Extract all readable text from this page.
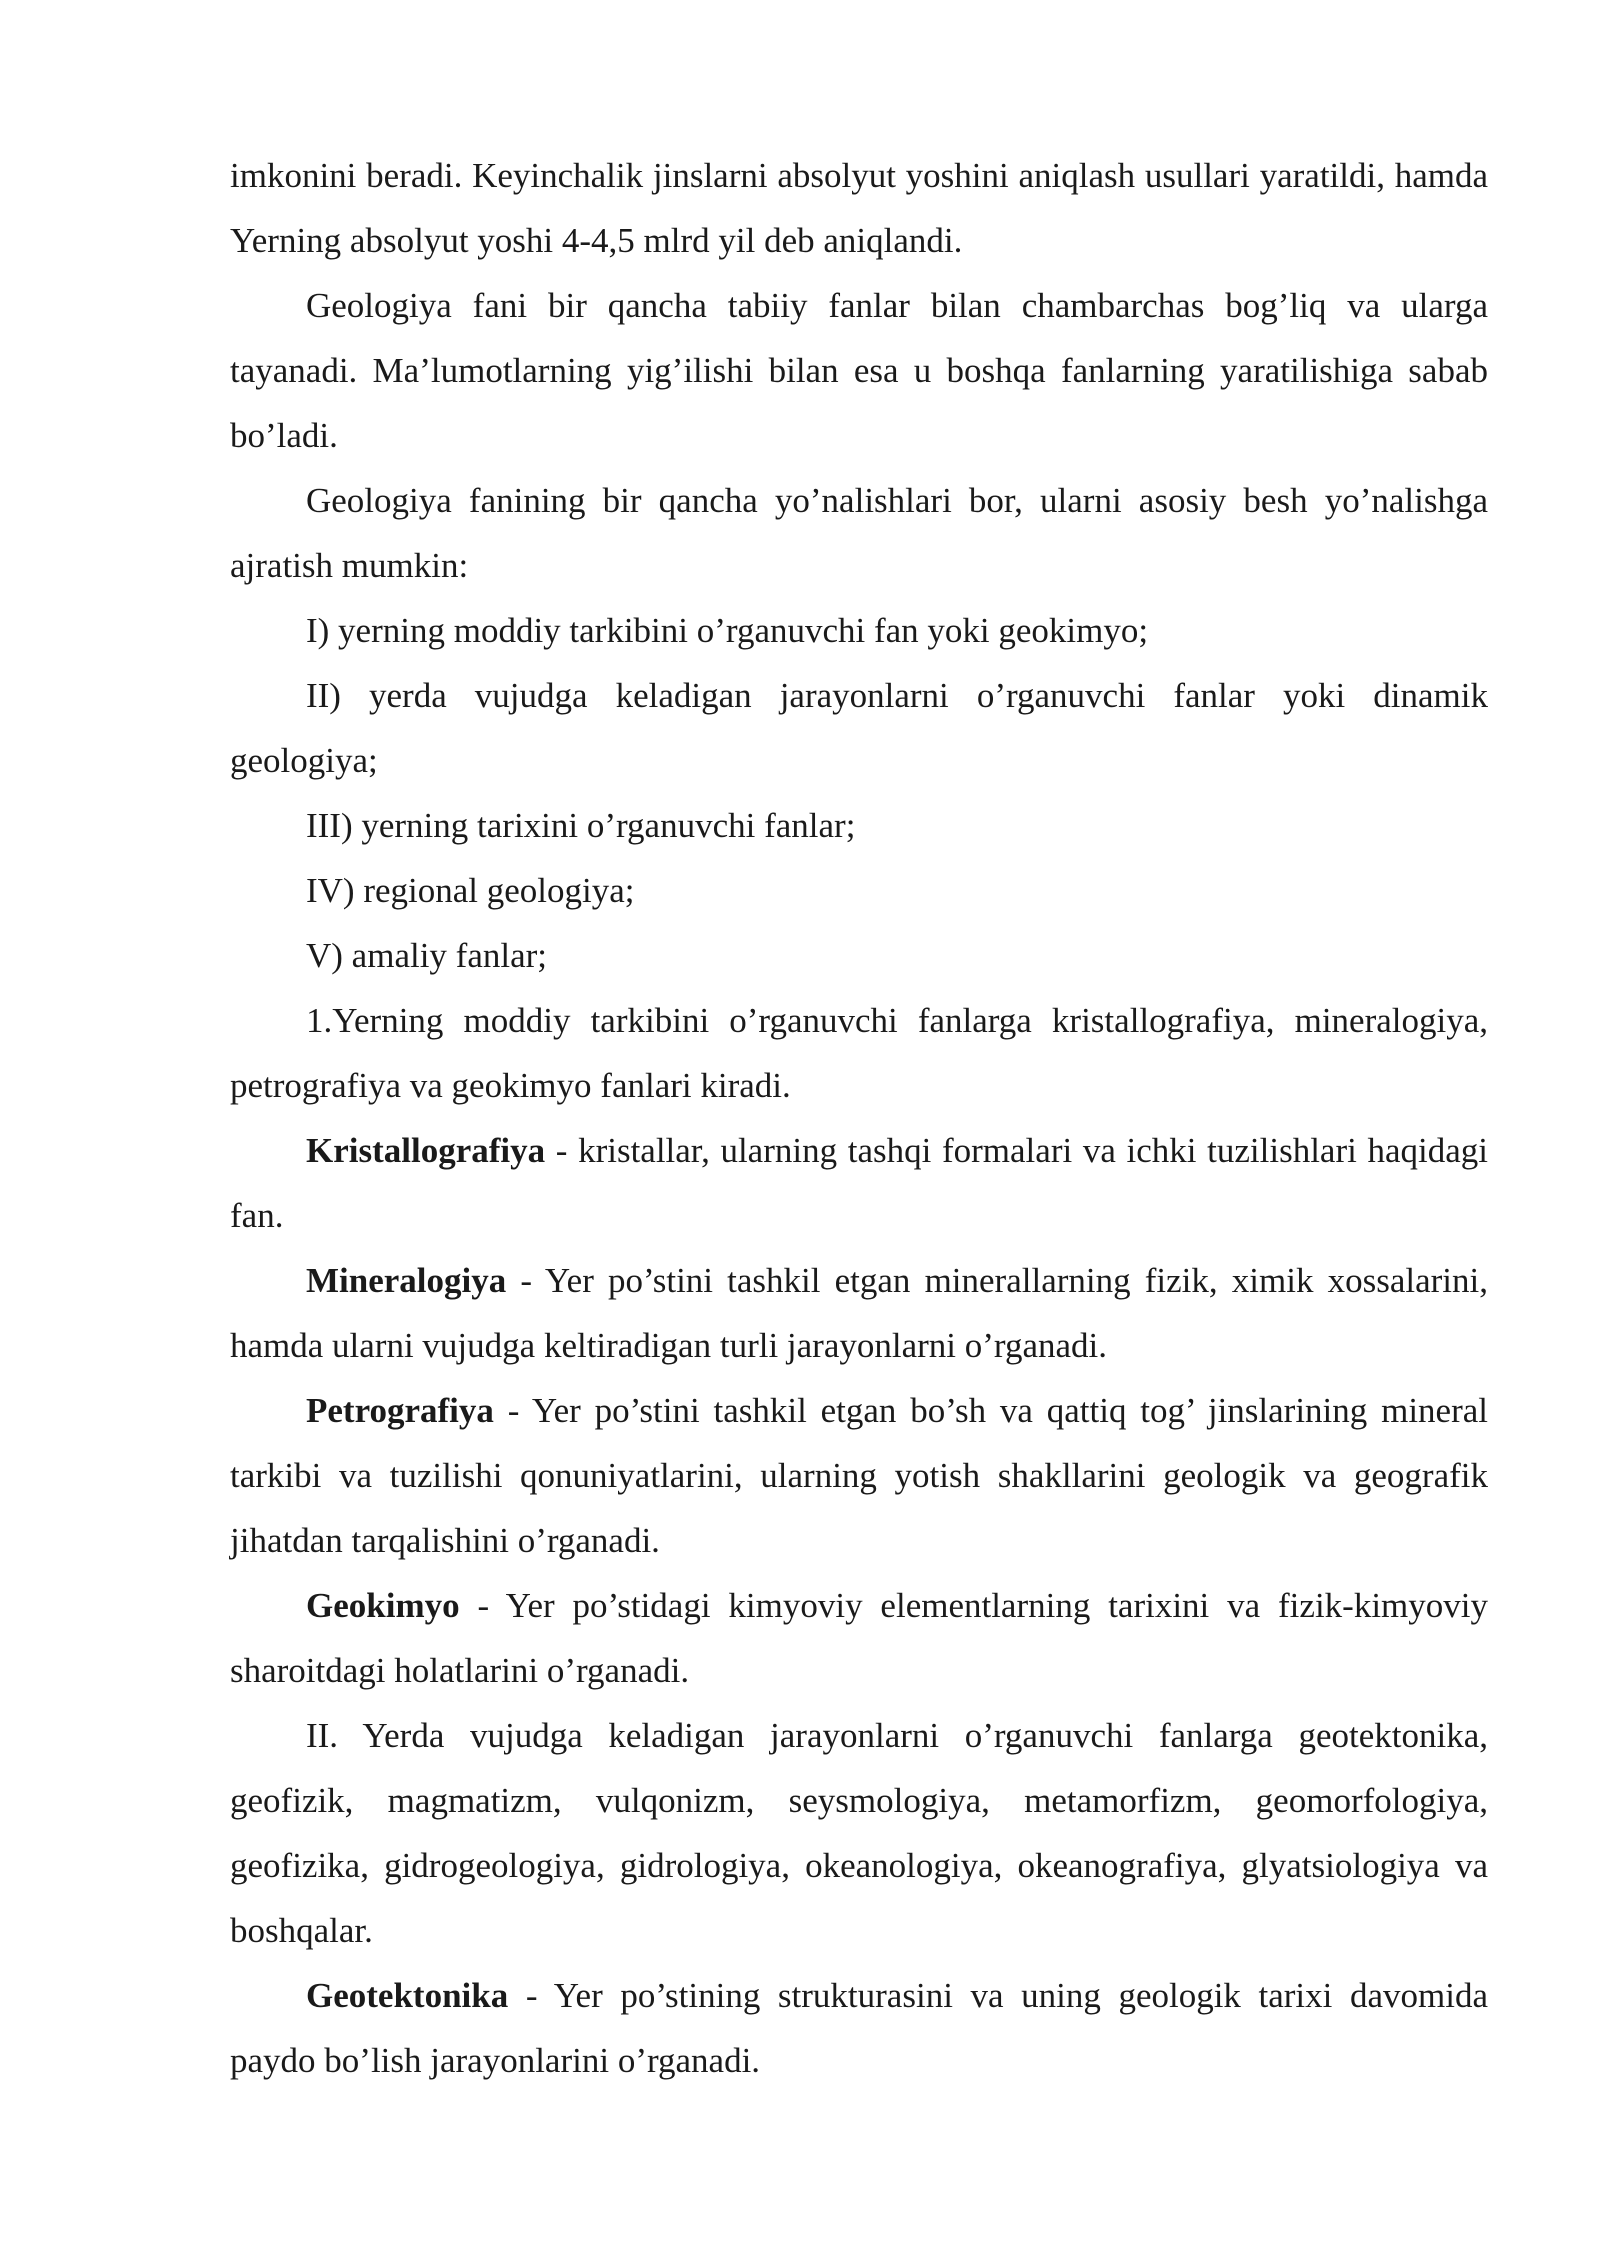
imkonini beradi. Keyinchalik jinslarni absolyut yoshini aniqlash usullari yaratildi, hamda Yerning absolyut yoshi 4-4,5 mlrd yil deb aniqlandi.

Geologiya fani bir qancha tabiiy fanlar bilan chambarchas bog’liq va ularga tayanadi. Ma’lumotlarning yig’ilishi bilan esa u boshqa fanlarning yaratilishiga sabab bo’ladi.

Geologiya fanining bir qancha yo’nalishlari bor, ularni asosiy besh yo’nalishga ajratish mumkin:

I) yerning moddiy tarkibini o’rganuvchi fan yoki geokimyo;

II) yerda vujudga keladigan jarayonlarni o’rganuvchi fanlar yoki dinamik geologiya;

III) yerning tarixini o’rganuvchi fanlar;

IV) regional geologiya;

V) amaliy fanlar;

1.Yerning moddiy tarkibini o’rganuvchi fanlarga kristallografiya, mineralogiya, petrografiya va geokimyo fanlari kiradi.

Kristallografiya - kristallar, ularning tashqi formalari va ichki tuzilishlari haqidagi fan.

Mineralogiya - Yer po’stini tashkil etgan minerallarning fizik, ximik xossalarini, hamda ularni vujudga keltiradigan turli jarayonlarni o’rganadi.

Petrografiya - Yer po’stini tashkil etgan bo’sh va qattiq tog’ jinslarining mineral tarkibi va tuzilishi qonuniyatlarini, ularning yotish shakllarini geologik va geografik jihatdan tarqalishini o’rganadi.

Geokimyo - Yer po’stidagi kimyoviy elementlarning tarixini va fizik-kimyoviy sharoitdagi holatlarini o’rganadi.

II. Yerda vujudga keladigan jarayonlarni o’rganuvchi fanlarga geotektonika, geofizik, magmatizm, vulqonizm, seysmologiya, metamorfizm, geomorfologiya, geofizika, gidrogeologiya, gidrologiya, okeanologiya, okeanografiya, glyatsiologiya va boshqalar.

Geotektonika - Yer po’stining strukturasini va uning geologik tarixi davomida paydo bo’lish jarayonlarini o’rganadi.
